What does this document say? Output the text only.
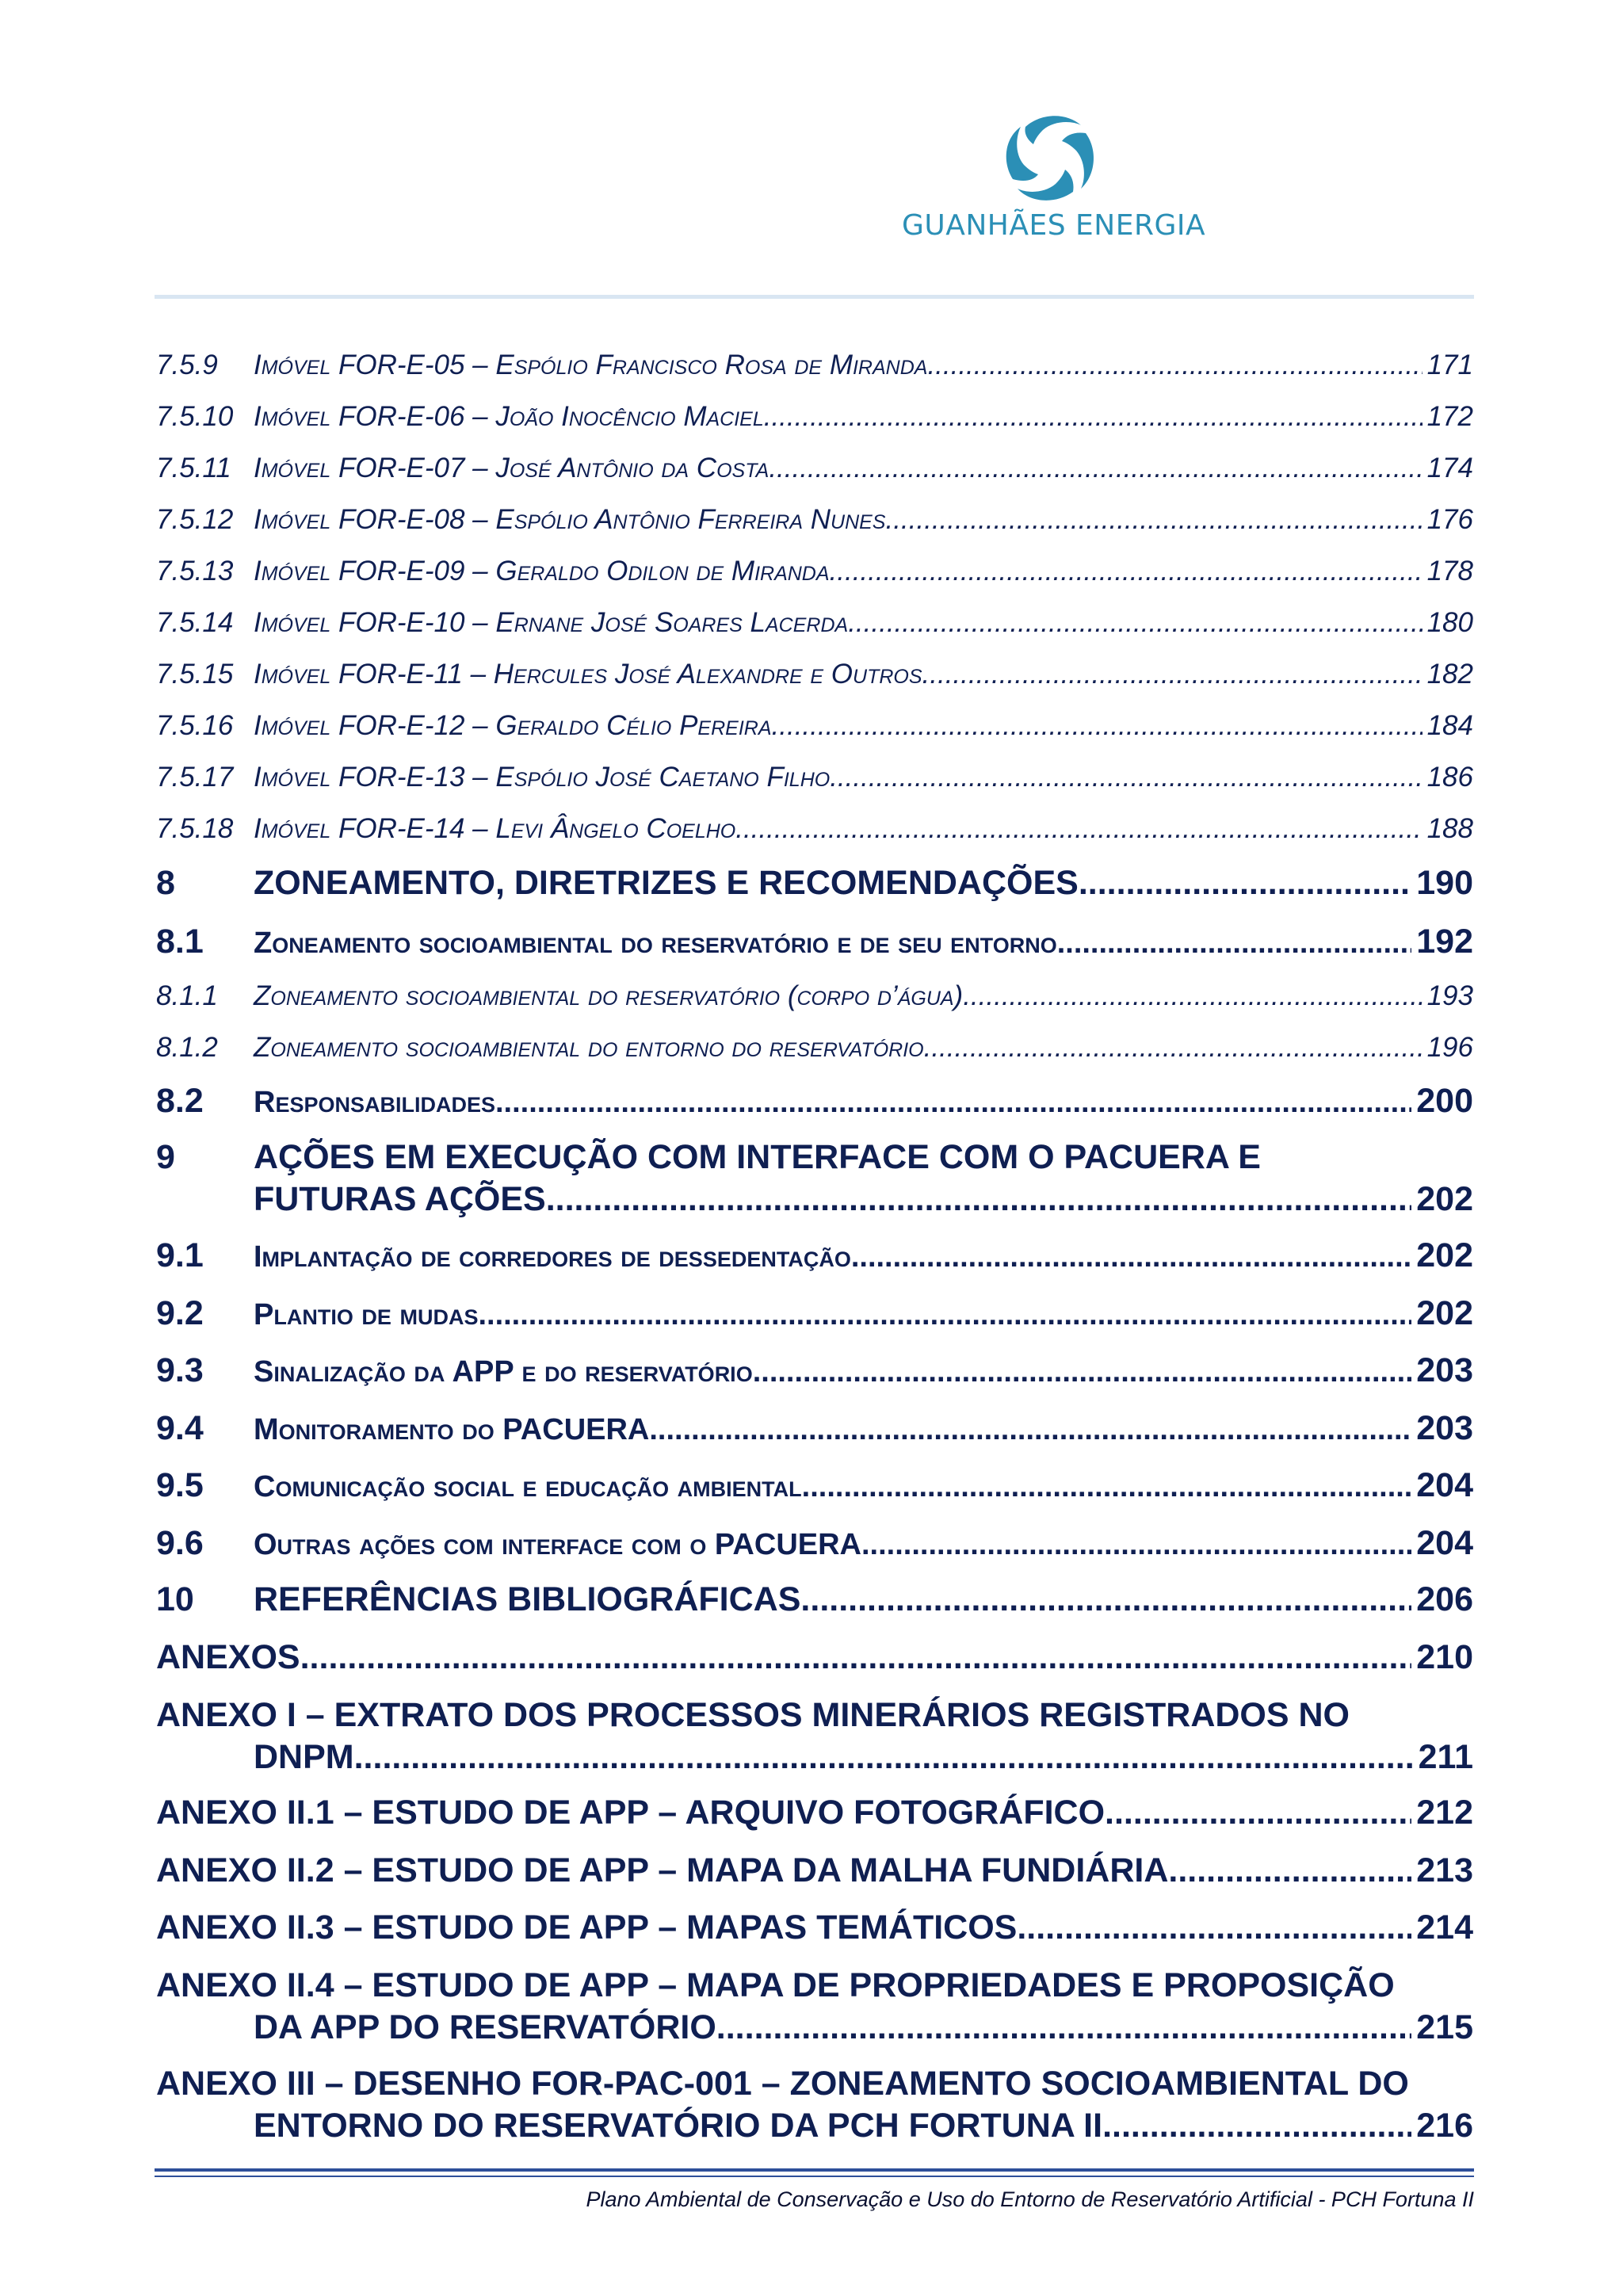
GUANHÃES ENERGIA
7.5.9	Imóvel FOR-E-05 – Espólio Francisco Rosa de Miranda .....	171
7.5.10 Imóvel FOR-E-06 – João Inocêncio Maciel .....	172
7.5.11 Imóvel FOR-E-07 – José Antônio da Costa .....	174
7.5.12 Imóvel FOR-E-08 – Espólio Antônio Ferreira Nunes .....	176
7.5.13 Imóvel FOR-E-09 – Geraldo Odilon de Miranda .....	178
7.5.14 Imóvel FOR-E-10 – Ernane José Soares Lacerda .....	180
7.5.15 Imóvel FOR-E-11 – Hercules José Alexandre e Outros .....	182
7.5.16 Imóvel FOR-E-12 – Geraldo Célio Pereira .....	184
7.5.17 Imóvel FOR-E-13 – Espólio José Caetano Filho .....	186
7.5.18 Imóvel FOR-E-14 – Levi Ângelo Coelho .....	188
8	ZONEAMENTO, DIRETRIZES E RECOMENDAÇÕES .....	190
8.1	Zoneamento socioambiental do reservatório e de seu entorno .....	192
8.1.1	Zoneamento socioambiental do reservatório (corpo d’água) .....	193
8.1.2	Zoneamento socioambiental do entorno do reservatório .....	196
8.2	Responsabilidades .....	200
9	AÇÕES EM EXECUÇÃO COM INTERFACE COM O PACUERA E
FUTURAS AÇÕES .....	202
9.1	Implantação de corredores de dessedentação .....	202
9.2	Plantio de mudas .....	202
9.3	Sinalização da APP e do reservatório .....	203
9.4	Monitoramento do PACUERA .....	203
9.5	Comunicação social e educação ambiental .....	204
9.6	Outras ações com interface com o PACUERA .....	204
10	REFERÊNCIAS BIBLIOGRÁFICAS .....	206
ANEXOS .....	210
ANEXO I – EXTRATO DOS PROCESSOS MINERÁRIOS REGISTRADOS NO
DNPM .....	211
ANEXO II.1 – ESTUDO DE APP – ARQUIVO FOTOGRÁFICO .....	212
ANEXO II.2 – ESTUDO DE APP – MAPA DA MALHA FUNDIÁRIA .....	213
ANEXO II.3 – ESTUDO DE APP – MAPAS TEMÁTICOS .....	214
ANEXO II.4 – ESTUDO DE APP – MAPA DE PROPRIEDADES E PROPOSIÇÃO
DA APP DO RESERVATÓRIO .....	215
ANEXO III – DESENHO FOR-PAC-001 – ZONEAMENTO SOCIOAMBIENTAL DO
ENTORNO DO RESERVATÓRIO DA PCH FORTUNA II .....	216
Plano Ambiental de Conservação e Uso do Entorno de Reservatório Artificial - PCH Fortuna II
